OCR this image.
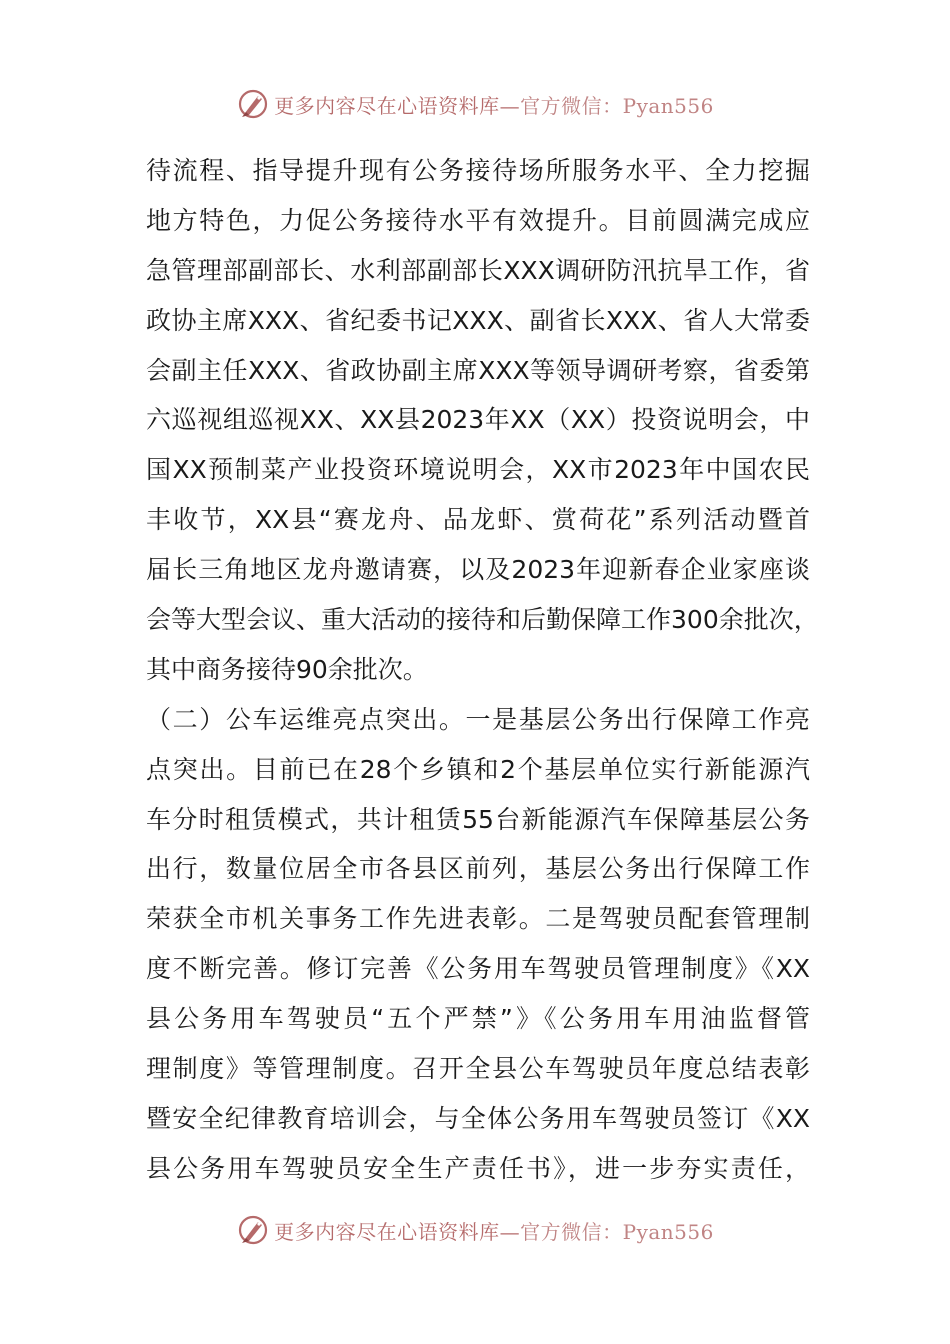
更多内容尽在心语资料库—官方微信：Pyan556
待流程、指导提升现有公务接待场所服务水平、全力挖掘
地方特色，力促公务接待水平有效提升。目前圆满完成应
急管理部副部长、水利部副部长XXX调研防汛抗旱工作，省
政协主席XXX、省纪委书记XXX、副省长XXX、省人大常委
会副主任XXX、省政协副主席XXX等领导调研考察，省委第
六巡视组巡视XX、XX县2023年XX（XX）投资说明会，中
国XX预制菜产业投资环境说明会，XX市2023年中国农民
丰收节，XX县“赛龙舟、品龙虾、赏荷花”系列活动暨首
届长三角地区龙舟邀请赛，以及2023年迎新春企业家座谈
会等大型会议、重大活动的接待和后勤保障工作300余批次，
其中商务接待90余批次。
（二）公车运维亮点突出。一是基层公务出行保障工作亮
点突出。目前已在28个乡镇和2个基层单位实行新能源汽
车分时租赁模式，共计租赁55台新能源汽车保障基层公务
出行，数量位居全市各县区前列，基层公务出行保障工作
荣获全市机关事务工作先进表彰。二是驾驶员配套管理制
度不断完善。修订完善《公务用车驾驶员管理制度》《XX
县公务用车驾驶员“五个严禁”》《公务用车用油监督管
理制度》等管理制度。召开全县公车驾驶员年度总结表彰
暨安全纪律教育培训会，与全体公务用车驾驶员签订《XX
县公务用车驾驶员安全生产责任书》，进一步夯实责任，
更多内容尽在心语资料库—官方微信：Pyan556
